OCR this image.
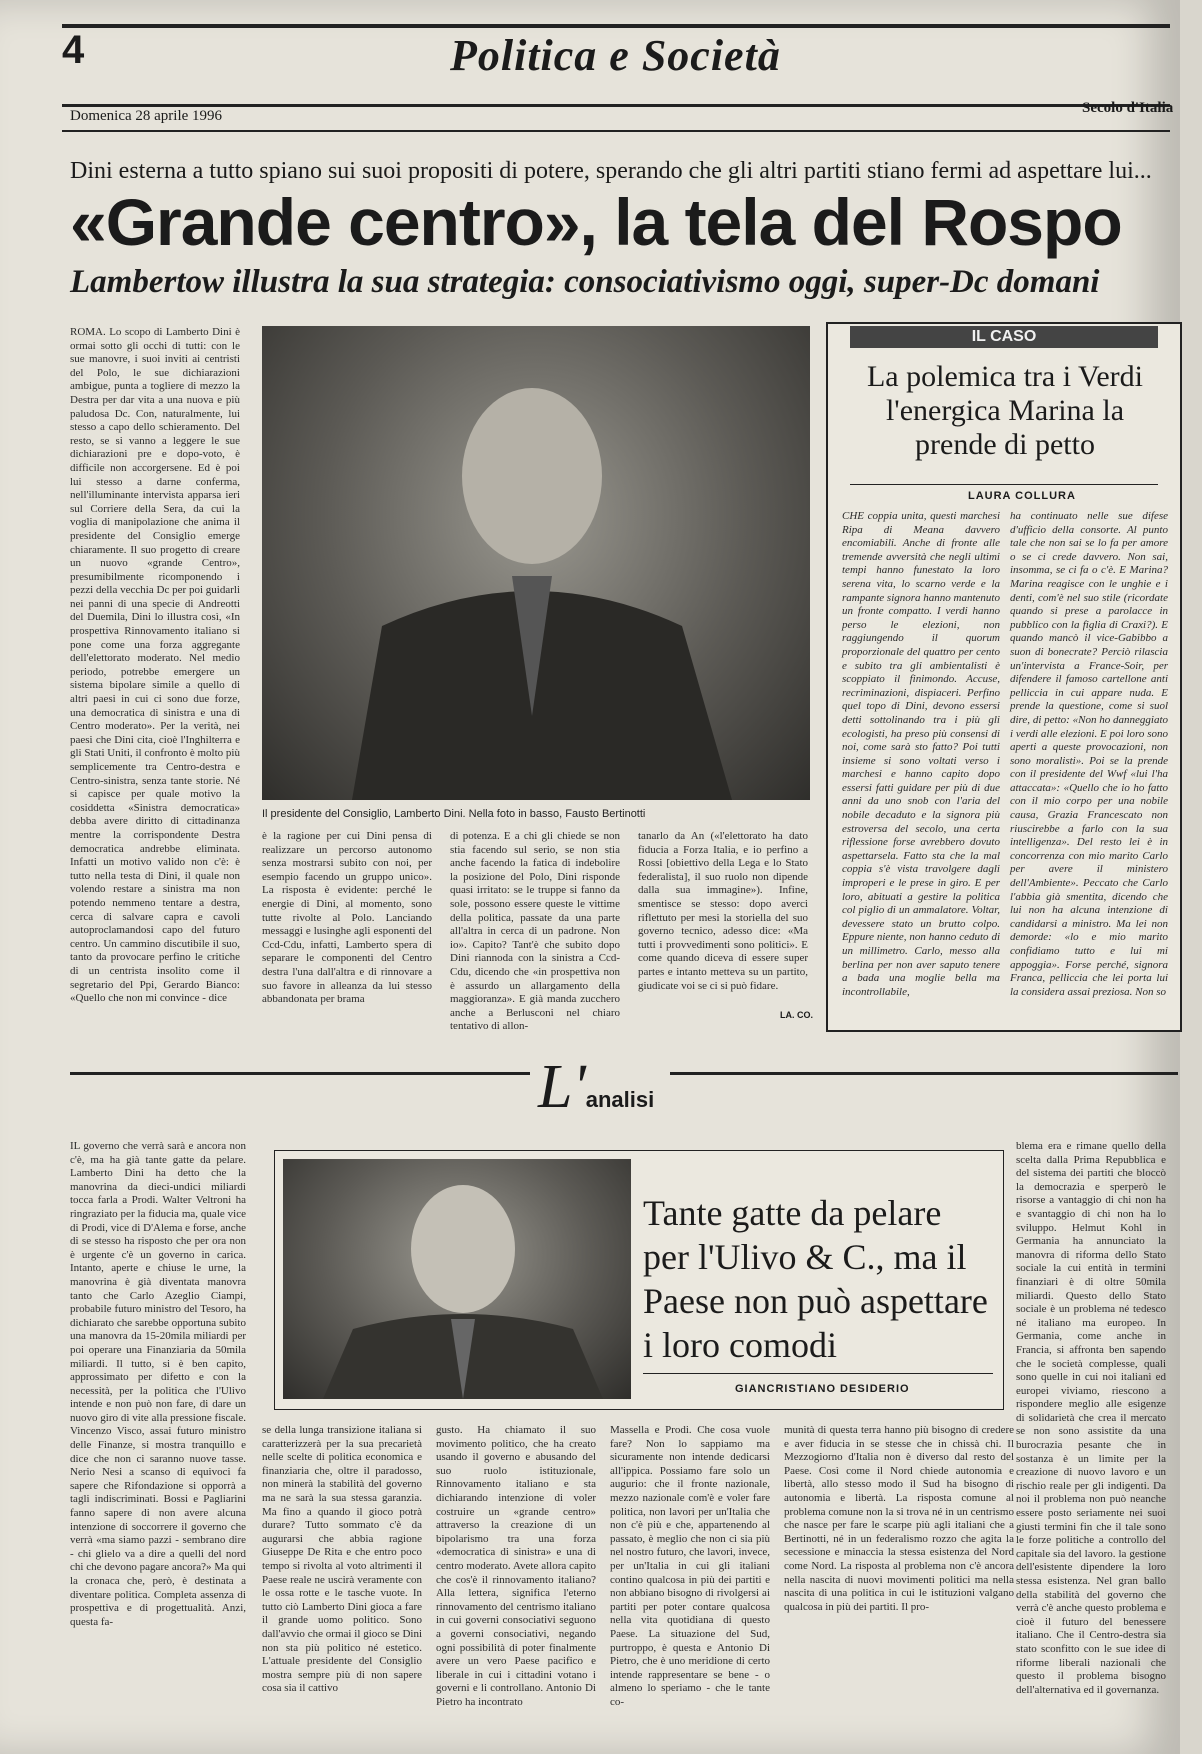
4	Politica e Società
Domenica 28 aprile 1996	Secolo d'Italia
Dini esterna a tutto spiano sui suoi propositi di potere, sperando che gli altri partiti stiano fermi ad aspettare lui...
«Grande centro», la tela del Rospo
Lambertow illustra la sua strategia: consociativismo oggi, super-Dc domani
ROMA. Lo scopo di Lamberto Dini è ormai sotto gli occhi di tutti: con le sue manovre, i suoi inviti ai centristi del Polo, le sue dichiarazioni ambigue, punta a togliere di mezzo la Destra per dar vita a una nuova e più paludosa Dc. Con, naturalmente, lui stesso a capo dello schieramento. Del resto, se si vanno a leggere le sue dichiarazioni pre e dopo-voto, è difficile non accorgersene. Ed è poi lui stesso a darne conferma, nell'illuminante intervista apparsa ieri sul Corriere della Sera, da cui la voglia di manipolazione che anima il presidente del Consiglio emerge chiaramente. Il suo progetto di creare un nuovo «grande Centro», presumibilmente ricomponendo i pezzi della vecchia Dc per poi guidarli nei panni di una specie di Andreotti del Duemila, Dini lo illustra così, «In prospettiva Rinnovamento italiano si pone come una forza aggregante dell'elettorato moderato. Nel medio periodo, potrebbe emergere un sistema bipolare simile a quello di altri paesi in cui ci sono due forze, una democratica di sinistra e una di Centro moderato». Per la verità, nei paesi che Dini cita, cioè l'Inghilterra e gli Stati Uniti, il confronto è molto più semplicemente tra Centro-destra e Centro-sinistra, senza tante storie. Né si capisce per quale motivo la cosiddetta «Sinistra democratica» debba avere diritto di cittadinanza mentre la corrispondente Destra democratica andrebbe eliminata. Infatti un motivo valido non c'è: è tutto nella testa di Dini, il quale non volendo restare a sinistra ma non potendo nemmeno tentare a destra, cerca di salvare capra e cavoli autoproclamandosi capo del futuro centro. Un cammino discutibile il suo, tanto da provocare perfino le critiche di un centrista insolito come il segretario del Ppi, Gerardo Bianco: «Quello che non mi convince - dice
Il presidente del Consiglio, Lamberto Dini. Nella foto in basso, Fausto Bertinotti
è la ragione per cui Dini pensa di realizzare un percorso autonomo senza mostrarsi subito con noi, per esempio facendo un gruppo unico». La risposta è evidente: perché le energie di Dini, al momento, sono tutte rivolte al Polo. Lanciando messaggi e lusinghe agli esponenti del Ccd-Cdu, infatti, Lamberto spera di separare le componenti del Centro destra l'una dall'altra e di rinnovare a suo favore in alleanza da lui stesso abbandonata per brama
di potenza. E a chi gli chiede se non stia facendo sul serio, se non stia anche facendo la fatica di indebolire la posizione del Polo, Dini risponde quasi irritato: se le truppe si fanno da sole, possono essere queste le vittime della politica, passate da una parte all'altra in cerca di un padrone. Non io». Capito? Tant'è che subito dopo Dini riannoda con la sinistra a Ccd-Cdu, dicendo che «in prospettiva non è assurdo un allargamento della maggioranza». E già manda zucchero anche a Berlusconi nel chiaro tentativo di allon-
tanarlo da An («l'elettorato ha dato fiducia a Forza Italia, e io perfino a Rossi [obiettivo della Lega e lo Stato federalista], il suo ruolo non dipende dalla sua immagine»). Infine, smentisce se stesso: dopo averci riflettuto per mesi la storiella del suo governo tecnico, adesso dice: «Ma tutti i provvedimenti sono politici». E come quando diceva di essere super partes e intanto metteva su un partito, giudicate voi se ci si può fidare.
LA. CO.
IL CASO
La polemica tra i Verdi l'energica Marina la prende di petto
LAURA COLLURA
CHE coppia unita, questi marchesi Ripa di Meana davvero encomiabili. Anche di fronte alle tremende avversità che negli ultimi tempi hanno funestato la loro serena vita, lo scarno verde e la rampante signora hanno mantenuto un fronte compatto. I verdi hanno perso le elezioni, non raggiungendo il quorum proporzionale del quattro per cento e subito tra gli ambientalisti è scoppiato il finimondo. Accuse, recriminazioni, dispiaceri. Perfino quel topo di Dini, devono essersi detti sottolinando tra i più gli ecologisti, ha preso più consensi di noi, come sarà sto fatto? Poi tutti insieme si sono voltati verso i marchesi e hanno capito dopo essersi fatti guidare per più di due anni da uno snob con l'aria del nobile decaduto e la signora più estroversa del secolo, una certa riflessione forse avrebbero dovuto aspettarsela. Fatto sta che la mal coppia s'è vista travolgere dagli improperi e le prese in giro. E per loro, abituati a gestire la politica col piglio di un ammalatore. Voltar, devessere stato un brutto colpo. Eppure niente, non hanno ceduto di un millimetro. Carlo, messo alla berlina per non aver saputo tenere a bada una moglie bella ma incontrollabile,
ha continuato nelle sue difese d'ufficio della consorte. Al punto tale che non sai se lo fa per amore o se ci crede davvero. Non sai, insomma, se ci fa o c'è. E Marina? Marina reagisce con le unghie e i denti, com'è nel suo stile (ricordate quando si prese a parolacce in pubblico con la figlia di Craxi?). E quando mancò il vice-Gabibbo a suon di bonecrate? Perciò rilascia un'intervista a France-Soir, per difendere il famoso cartellone anti pelliccia in cui appare nuda. E prende la questione, come si suol dire, di petto: «Non ho danneggiato i verdi alle elezioni. E poi loro sono aperti a queste provocazioni, non sono moralisti». Poi se la prende con il presidente del Wwf «lui l'ha attaccata»: «Quello che io ho fatto con il mio corpo per una nobile causa, Grazia Francescato non riuscirebbe a farlo con la sua intelligenza». Del resto lei è in concorrenza con mio marito Carlo per avere il ministero dell'Ambiente». Peccato che Carlo l'abbia già smentita, dicendo che lui non ha alcuna intenzione di candidarsi a ministro. Ma lei non demorde: «lo e mio marito confidiamo tutto e lui mi appoggia». Forse perché, signora Franca, pelliccia che lei porta lui la considera assai preziosa. Non so
L'analisi
IL governo che verrà sarà e ancora non c'è, ma ha già tante gatte da pelare. Lamberto Dini ha detto che la manovrina da dieci-undici miliardi tocca farla a Prodi. Walter Veltroni ha ringraziato per la fiducia ma, quale vice di Prodi, vice di D'Alema e forse, anche di se stesso ha risposto che per ora non è urgente c'è un governo in carica. Intanto, aperte e chiuse le urne, la manovrina è già diventata manovra tanto che Carlo Azeglio Ciampi, probabile futuro ministro del Tesoro, ha dichiarato che sarebbe opportuna subito una manovra da 15-20mila miliardi per poi operare una Finanziaria da 50mila miliardi. Il tutto, si è ben capito, approssimato per difetto e con la necessità, per la politica che l'Ulivo intende e non può non fare, di dare un nuovo giro di vite alla pressione fiscale. Vincenzo Visco, assai futuro ministro delle Finanze, si mostra tranquillo e dice che non ci saranno nuove tasse. Nerio Nesi a scanso di equivoci fa sapere che Rifondazione si opporrà a tagli indiscriminati. Bossi e Pagliarini fanno sapere di non avere alcuna intenzione di soccorrere il governo che verrà «ma siamo pazzi - sembrano dire - chi glielo va a dire a quelli del nord chi che devono pagare ancora?» Ma qui la cronaca che, però, è destinata a diventare politica. Completa assenza di prospettiva e di progettualità. Anzi, questa fa-
Tante gatte da pelare per l'Ulivo & C., ma il Paese non può aspettare i loro comodi
GIANCRISTIANO DESIDERIO
se della lunga transizione italiana si caratterizzerà per la sua precarietà nelle scelte di politica economica e finanziaria che, oltre il paradosso, non minerà la stabilità del governo ma ne sarà la sua stessa garanzia. Ma fino a quando il gioco potrà durare? Tutto sommato c'è da augurarsi che abbia ragione Giuseppe De Rita e che entro poco tempo si rivolta al voto altrimenti il Paese reale ne uscirà veramente con le ossa rotte e le tasche vuote. In tutto ciò Lamberto Dini gioca a fare il grande uomo politico. Sono dall'avvio che ormai il gioco se Dini non sta più politico né estetico. L'attuale presidente del Consiglio mostra sempre più di non sapere cosa sia il cattivo
gusto. Ha chiamato il suo movimento politico, che ha creato usando il governo e abusando del suo ruolo istituzionale, Rinnovamento italiano e sta dichiarando intenzione di voler costruire un «grande centro» attraverso la creazione di un bipolarismo tra una forza «democratica di sinistra» e una di centro moderato. Avete allora capito che cos'è il rinnovamento italiano? Alla lettera, significa l'eterno rinnovamento del centrismo italiano in cui governi consociativi seguono a governi consociativi, negando ogni possibilità di poter finalmente avere un vero Paese pacifico e liberale in cui i cittadini votano i governi e li controllano. Antonio Di Pietro ha incontrato
Massella e Prodi. Che cosa vuole fare? Non lo sappiamo ma sicuramente non intende dedicarsi all'ippica. Possiamo fare solo un augurio: che il fronte nazionale, mezzo nazionale com'è e voler fare politica, non lavori per un'Italia che non c'è più e che, appartenendo al passato, è meglio che non ci sia più nel nostro futuro, che lavori, invece, per un'Italia in cui gli italiani contino qualcosa in più dei partiti e non abbiano bisogno di rivolgersi ai partiti per poter contare qualcosa nella vita quotidiana di questo Paese. La situazione del Sud, purtroppo, è questa e Antonio Di Pietro, che è uno meridione di certo intende rappresentare se bene - o almeno lo speriamo - che le tante co-
munità di questa terra hanno più bisogno di credere e aver fiducia in se stesse che in chissà chi. Il Mezzogiorno d'Italia non è diverso dal resto del Paese. Così come il Nord chiede autonomia e libertà, allo stesso modo il Sud ha bisogno di autonomia e libertà. La risposta comune al problema comune non la si trova né in un centrismo che nasce per fare le scarpe più agli italiani che a Bertinotti, né in un federalismo rozzo che agita la secessione e minaccia la stessa esistenza del Nord come Nord. La risposta al problema non c'è ancora nella nascita di nuovi movimenti politici ma nella nascita di una politica in cui le istituzioni valgano qualcosa in più dei partiti. Il pro-
blema era e rimane quello della scelta dalla Prima Repubblica e del sistema dei partiti che bloccò la democrazia e sperperò le risorse a vantaggio di chi non ha e svantaggio di chi non ha lo sviluppo. Helmut Kohl in Germania ha annunciato la manovra di riforma dello Stato sociale la cui entità in termini finanziari è di oltre 50mila miliardi. Questo dello Stato sociale è un problema né tedesco né italiano ma europeo. In Germania, come anche in Francia, si affronta ben sapendo che le società complesse, quali sono quelle in cui noi italiani ed europei viviamo, riescono a rispondere meglio alle esigenze di solidarietà che crea il mercato se non sono assistite da una burocrazia pesante che in sostanza è un limite per la creazione di nuovo lavoro e un rischio reale per gli indigenti. Da noi il problema non può neanche essere posto seriamente nei suoi giusti termini fin che il tale sono le forze politiche a controllo del capitale sia del lavoro. la gestione dell'esistente dipendere la loro stessa esistenza. Nel gran ballo della stabilità del governo che verrà c'è anche questo problema e cioè il futuro del benessere italiano. Che il Centro-destra sia stato sconfitto con le sue idee di riforme liberali nazionali che questo il problema bisogno dell'alternativa ed il governanza.
